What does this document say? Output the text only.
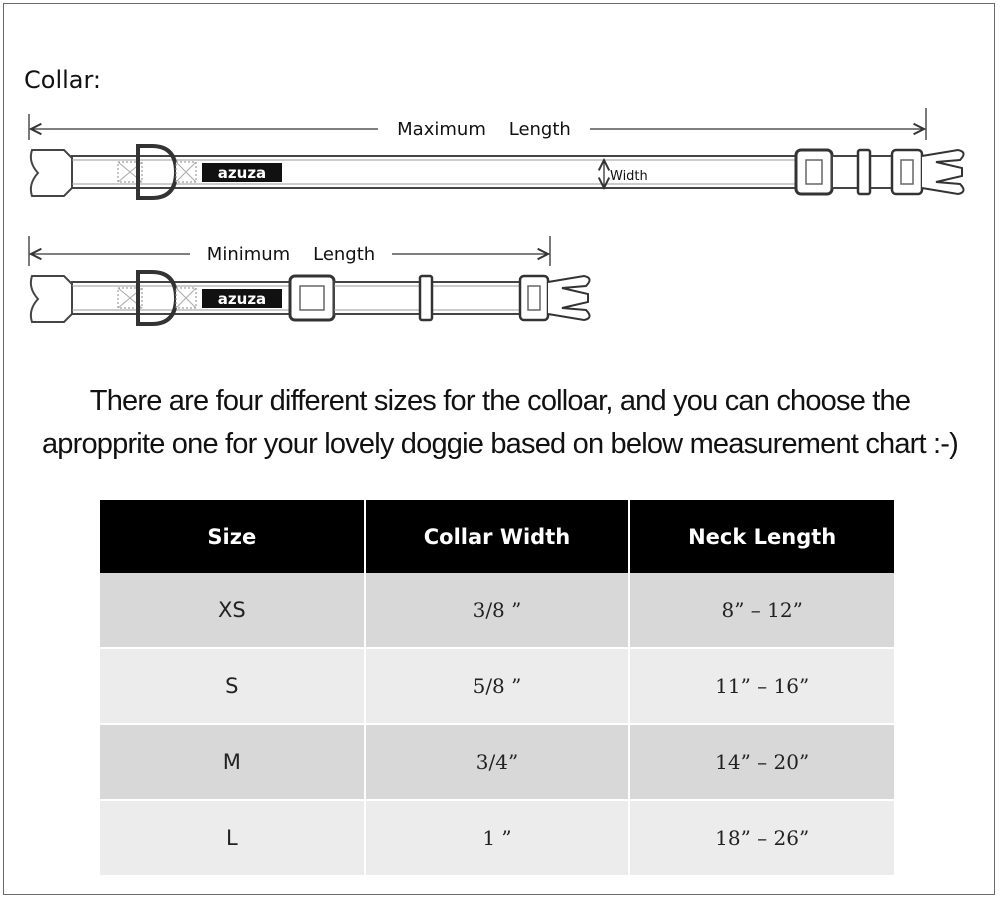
Collar:
Maximum    Length
azuza	Width
Minimum    Length
azuza
There are four different sizes for the colloar, and you can choose the
apropprite one for your lovely doggie based on below measurement chart :-)
Size	Collar Width	Neck Length
XS	3/8 ”	8” – 12”
S	5/8 ”	11” – 16”
M	3/4”	14” – 20”
L	1 ”	18” – 26”
